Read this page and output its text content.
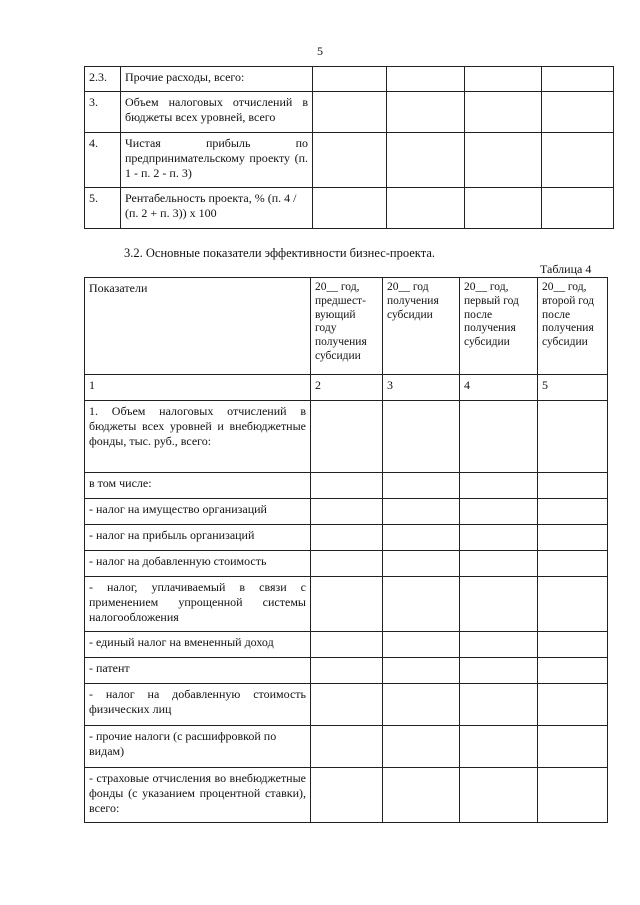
5
2.3.	Прочие расходы, всего:				
3.	Объем налоговых отчислений в бюджеты всех уровней, всего				
4.	Чистая прибыль по предпринимательскому проекту (п. 1 - п. 2 - п. 3)				
5.	Рентабельность проекта, % (п. 4 / (п. 2 + п. 3)) х 100				
3.2. Основные показатели эффективности бизнес-проекта.
Таблица 4
Показатели	20__ год, предшест- вующий году получения субсидии	20__ год получения субсидии	20__ год, первый год после получения субсидии	20__ год, второй год после получения субсидии
1	2	3	4	5
1. Объем налоговых отчислений в бюджеты всех уровней и внебюджетные фонды, тыс. руб., всего:				
в том числе:				
- налог на имущество организаций				
- налог на прибыль организаций				
- налог на добавленную стоимость				
- налог, уплачиваемый в связи с применением упрощенной системы налогообложения				
- единый налог на вмененный доход				
- патент				
- налог на добавленную стоимость физических лиц				
- прочие налоги (с расшифровкой по видам)				
- страховые отчисления во внебюджетные фонды (с указанием процентной ставки), всего:				
